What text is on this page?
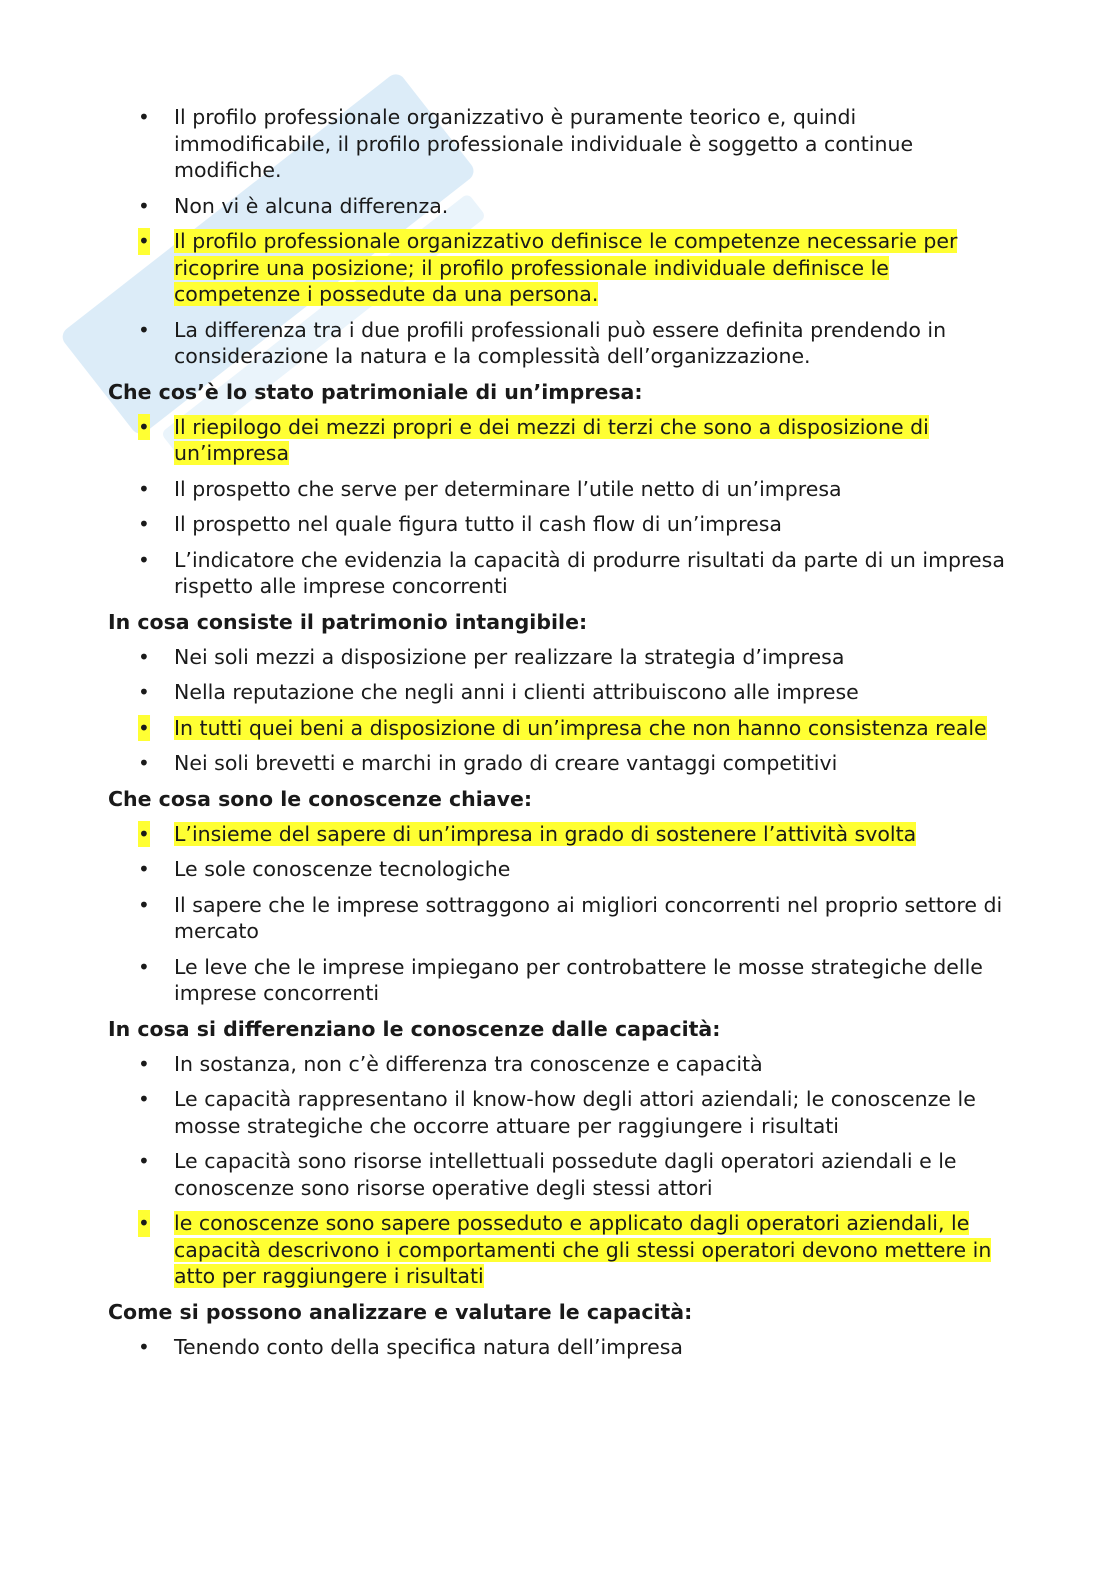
• Il profilo professionale organizzativo è puramente teorico e, quindi immodificabile, il profilo professionale individuale è soggetto a continue modifiche.
• Non vi è alcuna differenza.
• Il profilo professionale organizzativo definisce le competenze necessarie per ricoprire una posizione; il profilo professionale individuale definisce le competenze i possedute da una persona.
• La differenza tra i due profili professionali può essere definita prendendo in considerazione la natura e la complessità dell’organizzazione.
Che cos’è lo stato patrimoniale di un’impresa:
• Il riepilogo dei mezzi propri e dei mezzi di terzi che sono a disposizione di un’impresa
• Il prospetto che serve per determinare l’utile netto di un’impresa
• Il prospetto nel quale figura tutto il cash flow di un’impresa
• L’indicatore che evidenzia la capacità di produrre risultati da parte di un impresa rispetto alle imprese concorrenti
In cosa consiste il patrimonio intangibile:
• Nei soli mezzi a disposizione per realizzare la strategia d’impresa
• Nella reputazione che negli anni i clienti attribuiscono alle imprese
• In tutti quei beni a disposizione di un’impresa che non hanno consistenza reale
• Nei soli brevetti e marchi in grado di creare vantaggi competitivi
Che cosa sono le conoscenze chiave:
• L’insieme del sapere di un’impresa in grado di sostenere l’attività svolta
• Le sole conoscenze tecnologiche
• Il sapere che le imprese sottraggono ai migliori concorrenti nel proprio settore di mercato
• Le leve che le imprese impiegano per controbattere le mosse strategiche delle imprese concorrenti
In cosa si differenziano le conoscenze dalle capacità:
• In sostanza, non c’è differenza tra conoscenze e capacità
• Le capacità rappresentano il know-how degli attori aziendali; le conoscenze le mosse strategiche che occorre attuare per raggiungere i risultati
• Le capacità sono risorse intellettuali possedute dagli operatori aziendali e le conoscenze sono risorse operative degli stessi attori
• le conoscenze sono sapere posseduto e applicato dagli operatori aziendali, le capacità descrivono i comportamenti che gli stessi operatori devono mettere in atto per raggiungere i risultati
Come si possono analizzare e valutare le capacità:
• Tenendo conto della specifica natura dell’impresa
